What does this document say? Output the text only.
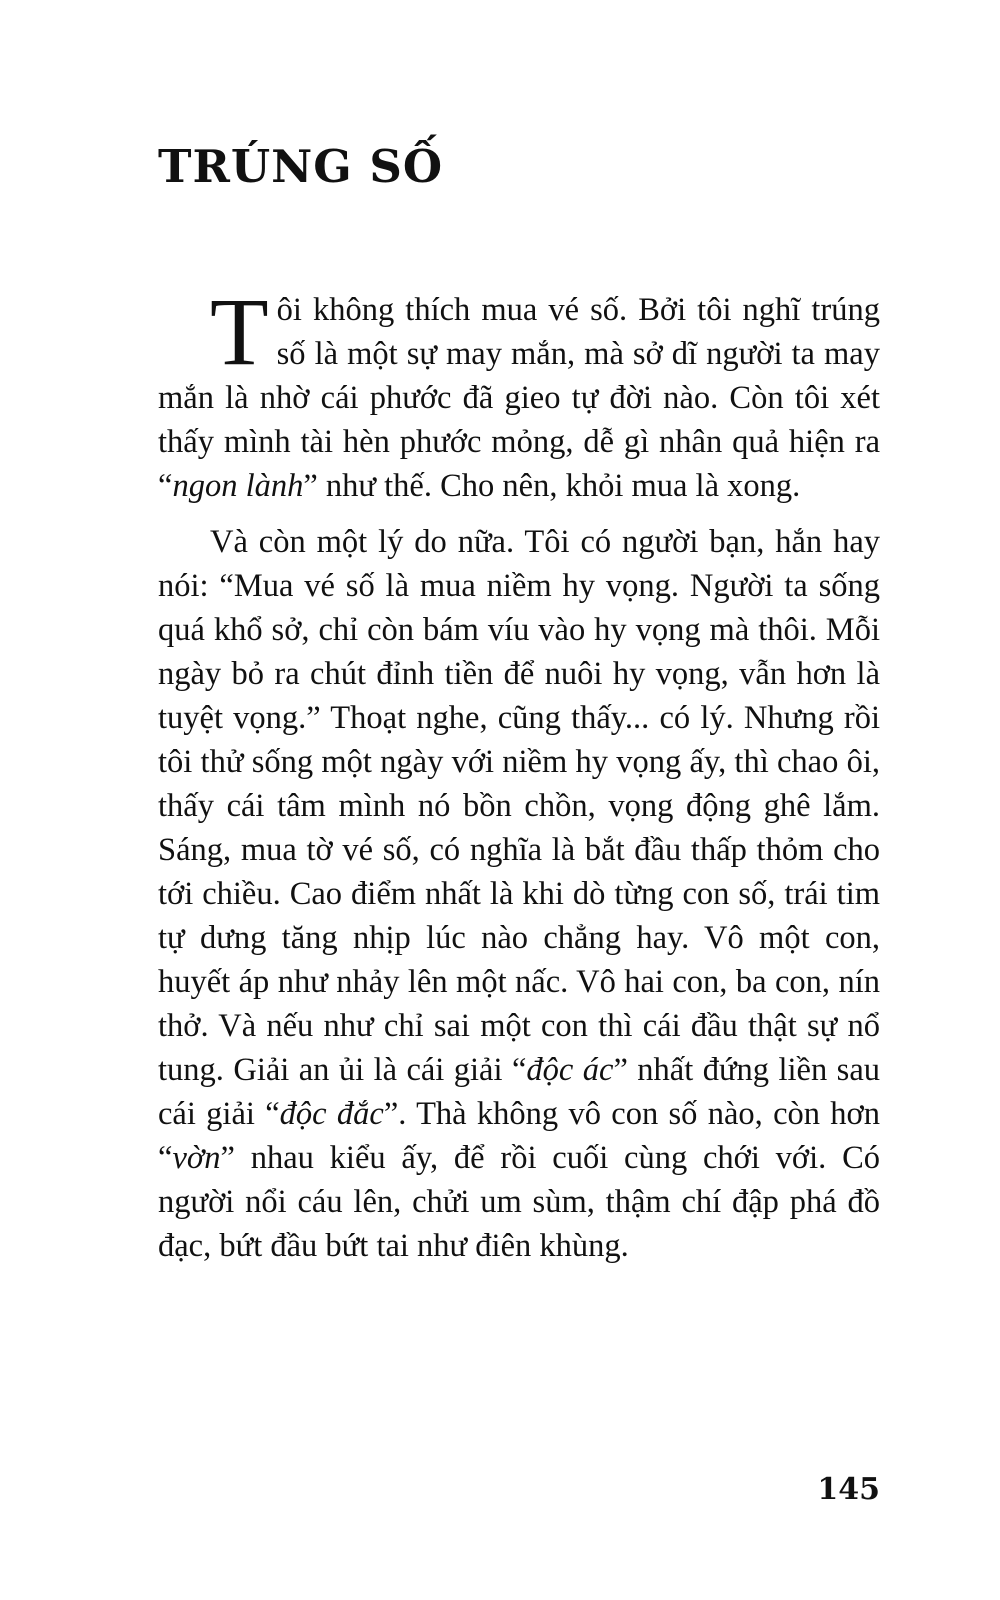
TRÚNG SỐ

Tôi không thích mua vé số. Bởi tôi nghĩ trúng số là một sự may mắn, mà sở dĩ người ta may mắn là nhờ cái phước đã gieo tự đời nào. Còn tôi xét thấy mình tài hèn phước mỏng, dễ gì nhân quả hiện ra “ngon lành” như thế. Cho nên, khỏi mua là xong.

Và còn một lý do nữa. Tôi có người bạn, hắn hay nói: “Mua vé số là mua niềm hy vọng. Người ta sống quá khổ sở, chỉ còn bám víu vào hy vọng mà thôi. Mỗi ngày bỏ ra chút đỉnh tiền để nuôi hy vọng, vẫn hơn là tuyệt vọng.” Thoạt nghe, cũng thấy... có lý. Nhưng rồi tôi thử sống một ngày với niềm hy vọng ấy, thì chao ôi, thấy cái tâm mình nó bồn chồn, vọng động ghê lắm. Sáng, mua tờ vé số, có nghĩa là bắt đầu thấp thỏm cho tới chiều. Cao điểm nhất là khi dò từng con số, trái tim tự dưng tăng nhịp lúc nào chẳng hay. Vô một con, huyết áp như nhảy lên một nấc. Vô hai con, ba con, nín thở. Và nếu như chỉ sai một con thì cái đầu thật sự nổ tung. Giải an ủi là cái giải “độc ác” nhất đứng liền sau cái giải “độc đắc”. Thà không vô con số nào, còn hơn “vờn” nhau kiểu ấy, để rồi cuối cùng chới với. Có người nổi cáu lên, chửi um sùm, thậm chí đập phá đồ đạc, bứt đầu bứt tai như điên khùng.

145
